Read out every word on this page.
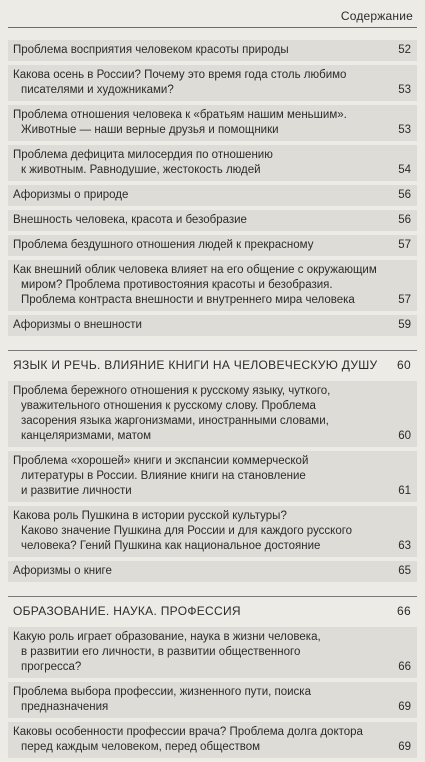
Содержание
Проблема восприятия человеком красоты природы	52
Какова осень в России? Почему это время года столь любимо
писателями и художниками?	53
Проблема отношения человека к «братьям нашим меньшим».
Животные — наши верные друзья и помощники	53
Проблема дефицита милосердия по отношению
к животным. Равнодушие, жестокость людей	54
Афоризмы о природе	56
Внешность человека, красота и безобразие	56
Проблема бездушного отношения людей к прекрасному	57
Как внешний облик человека влияет на его общение с окружающим
миром? Проблема противостояния красоты и безобразия.
Проблема контраста внешности и внутреннего мира человека	57
Афоризмы о внешности	59
ЯЗЫК И РЕЧЬ. ВЛИЯНИЕ КНИГИ НА ЧЕЛОВЕЧЕСКУЮ ДУШУ	60
Проблема бережного отношения к русскому языку, чуткого,
уважительного отношения к русскому слову. Проблема
засорения языка жаргонизмами, иностранными словами,
канцеляризмами, матом	60
Проблема «хорошей» книги и экспансии коммерческой
литературы в России. Влияние книги на становление
и развитие личности	61
Какова роль Пушкина в истории русской культуры?
Каково значение Пушкина для России и для каждого русского
человека? Гений Пушкина как национальное достояние	63
Афоризмы о книге	65
ОБРАЗОВАНИЕ. НАУКА. ПРОФЕССИЯ	66
Какую роль играет образование, наука в жизни человека,
в развитии его личности, в развитии общественного
прогресса?	66
Проблема выбора профессии, жизненного пути, поиска
предназначения	69
Каковы особенности профессии врача? Проблема долга доктора
перед каждым человеком, перед обществом	69
